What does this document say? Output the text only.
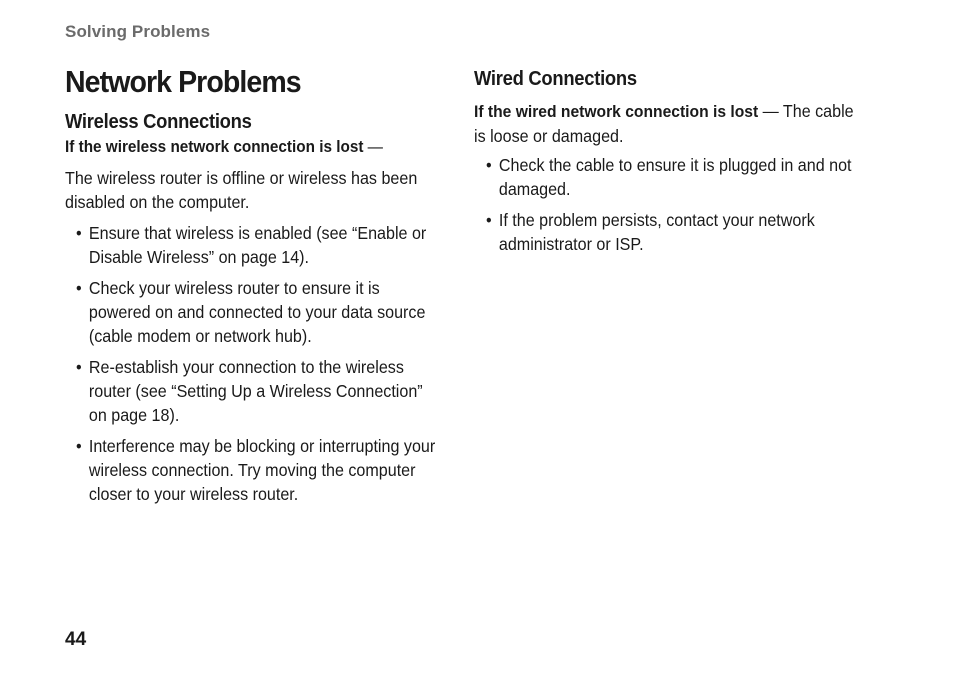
Solving Problems
Network Problems
Wireless Connections
If the wireless network connection is lost —
The wireless router is offline or wireless has been disabled on the computer.
• Ensure that wireless is enabled (see “Enable or Disable Wireless” on page 14).
• Check your wireless router to ensure it is powered on and connected to your data source (cable modem or network hub).
• Re-establish your connection to the wireless router (see “Setting Up a Wireless Connection” on page 18).
• Interference may be blocking or interrupting your wireless connection. Try moving the computer closer to your wireless router.
Wired Connections
If the wired network connection is lost — The cable is loose or damaged.
• Check the cable to ensure it is plugged in and not damaged.
• If the problem persists, contact your network administrator or ISP.
44
